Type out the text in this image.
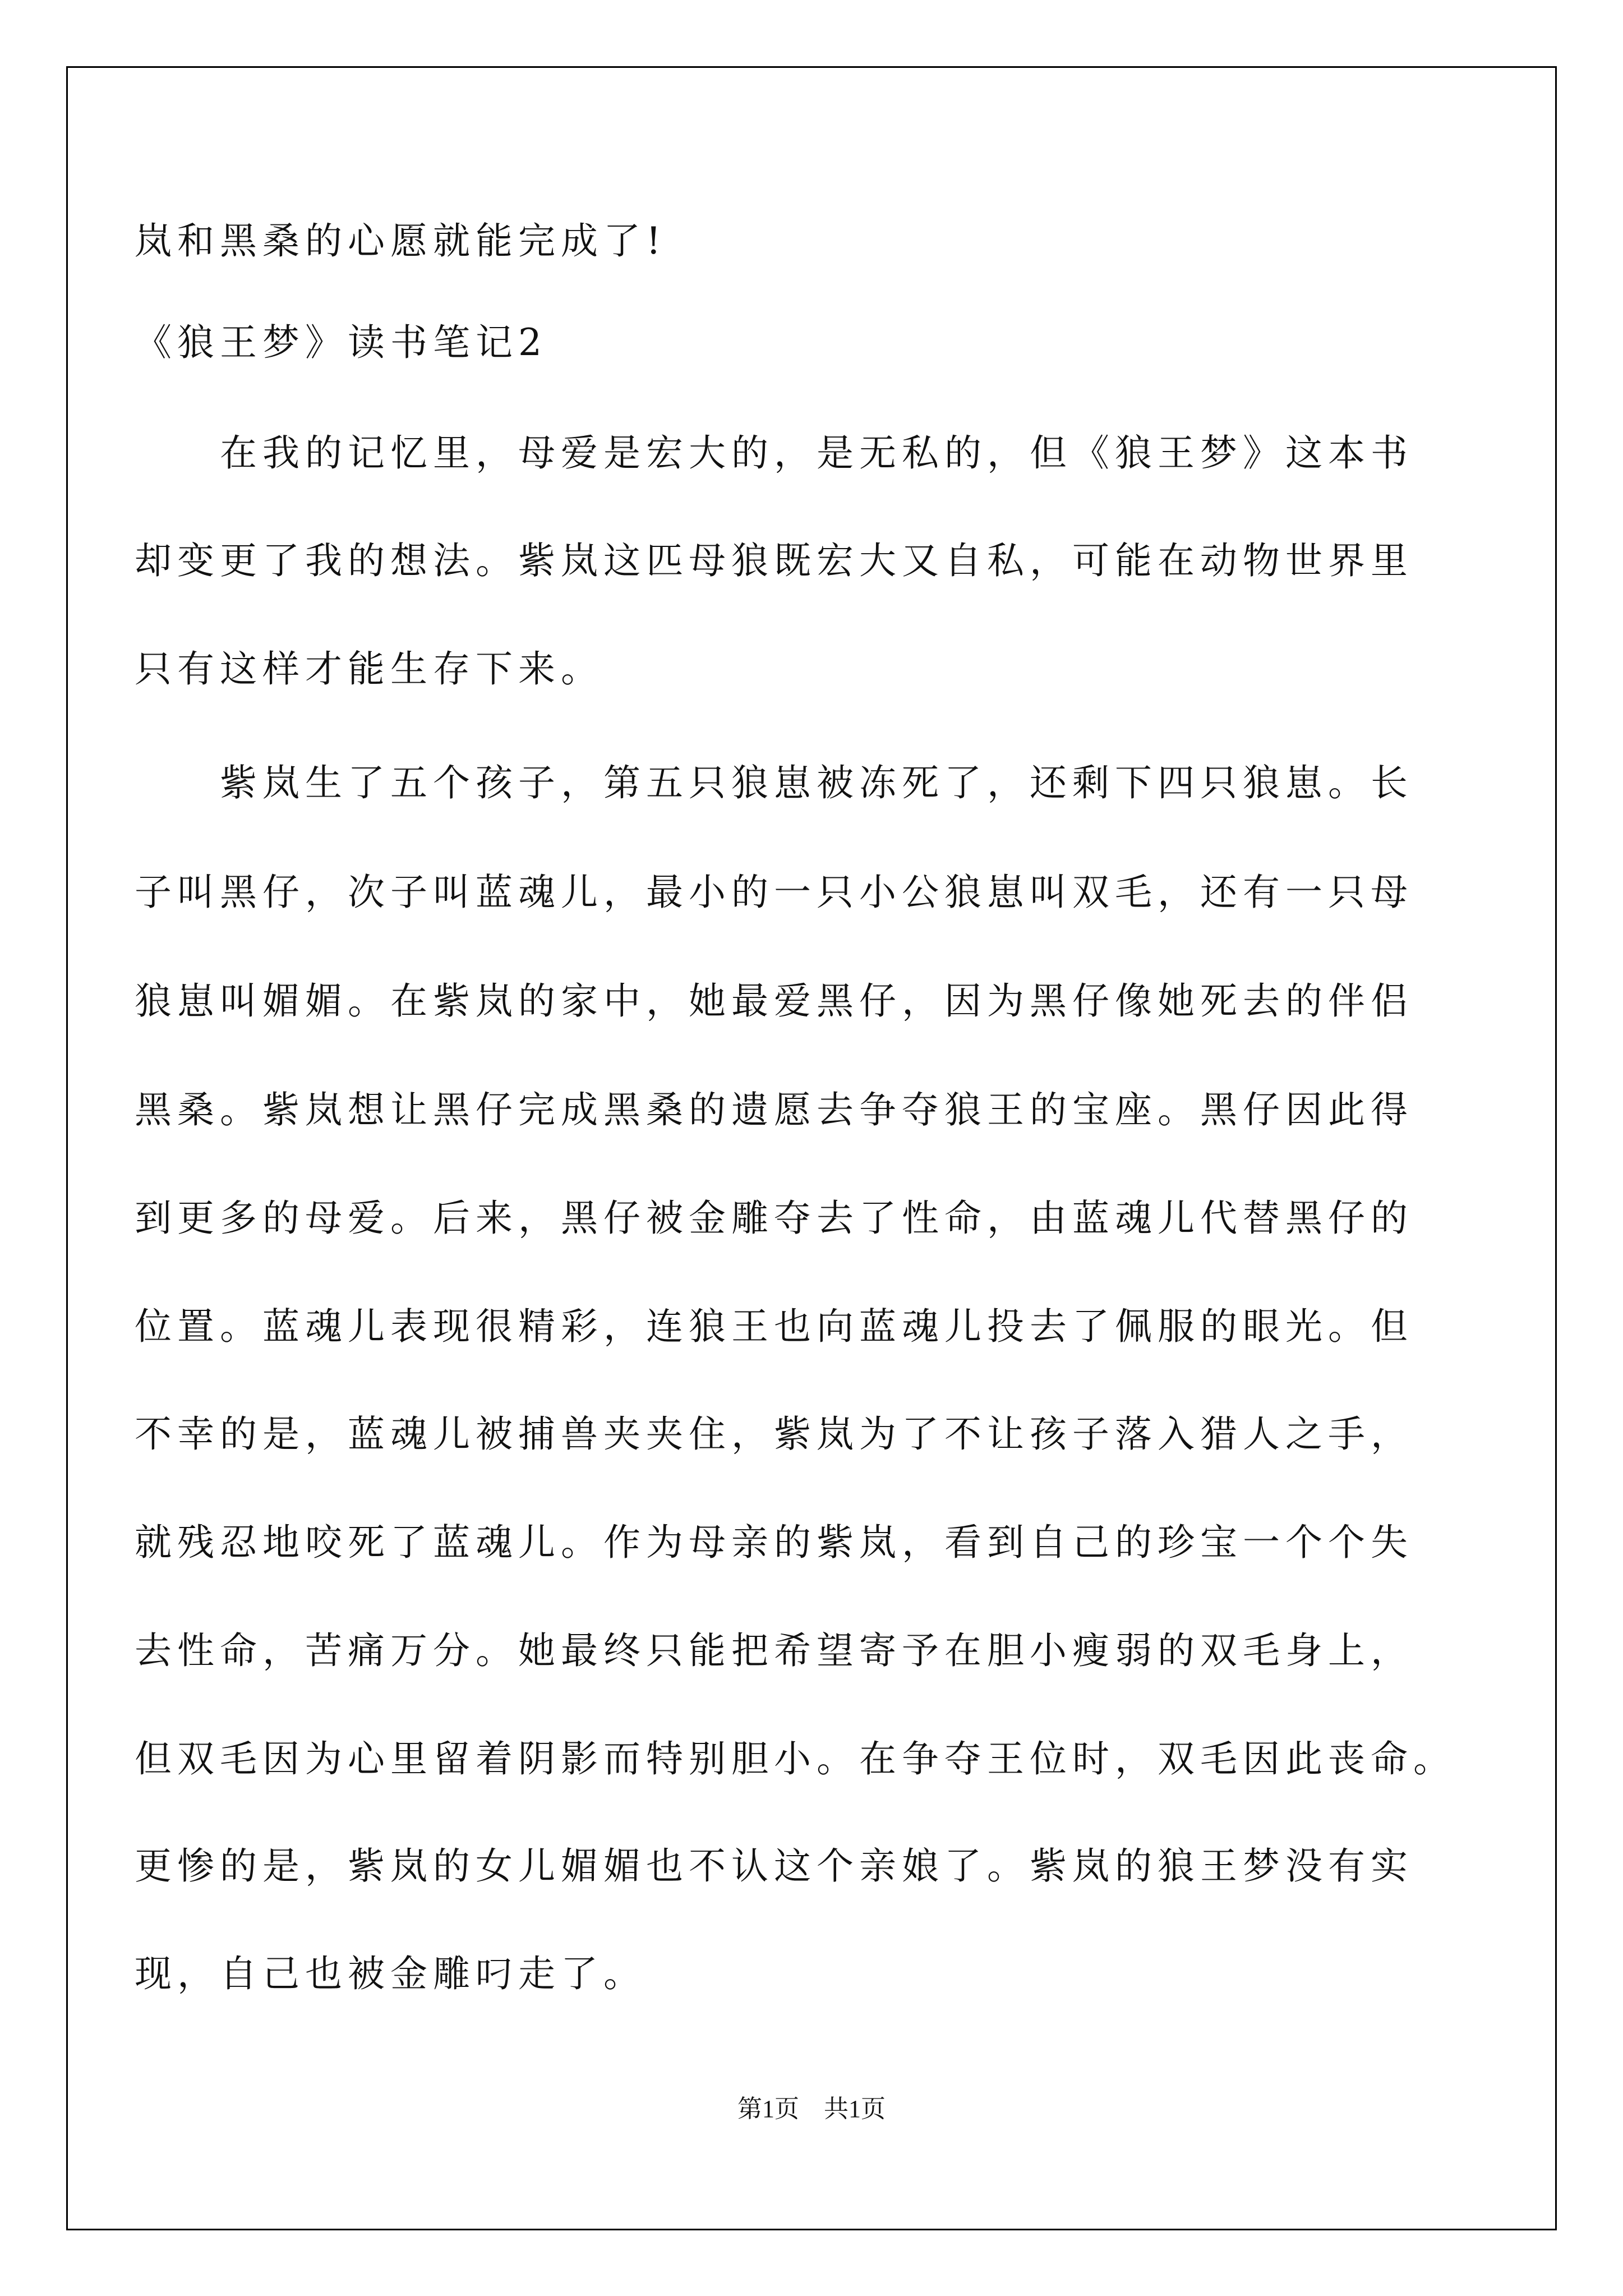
岚和黑桑的心愿就能完成了!
《狼王梦》读书笔记2
　　在我的记忆里，母爱是宏大的，是无私的，但《狼王梦》这本书
却变更了我的想法。紫岚这匹母狼既宏大又自私，可能在动物世界里
只有这样才能生存下来。
　　紫岚生了五个孩子，第五只狼崽被冻死了，还剩下四只狼崽。长
子叫黑仔，次子叫蓝魂儿，最小的一只小公狼崽叫双毛，还有一只母
狼崽叫媚媚。在紫岚的家中，她最爱黑仔，因为黑仔像她死去的伴侣
黑桑。紫岚想让黑仔完成黑桑的遗愿去争夺狼王的宝座。黑仔因此得
到更多的母爱。后来，黑仔被金雕夺去了性命，由蓝魂儿代替黑仔的
位置。蓝魂儿表现很精彩，连狼王也向蓝魂儿投去了佩服的眼光。但
不幸的是，蓝魂儿被捕兽夹夹住，紫岚为了不让孩子落入猎人之手，
就残忍地咬死了蓝魂儿。作为母亲的紫岚，看到自己的珍宝一个个失
去性命，苦痛万分。她最终只能把希望寄予在胆小瘦弱的双毛身上，
但双毛因为心里留着阴影而特别胆小。在争夺王位时，双毛因此丧命。
更惨的是，紫岚的女儿媚媚也不认这个亲娘了。紫岚的狼王梦没有实
现，自己也被金雕叼走了。
第1页　共1页
